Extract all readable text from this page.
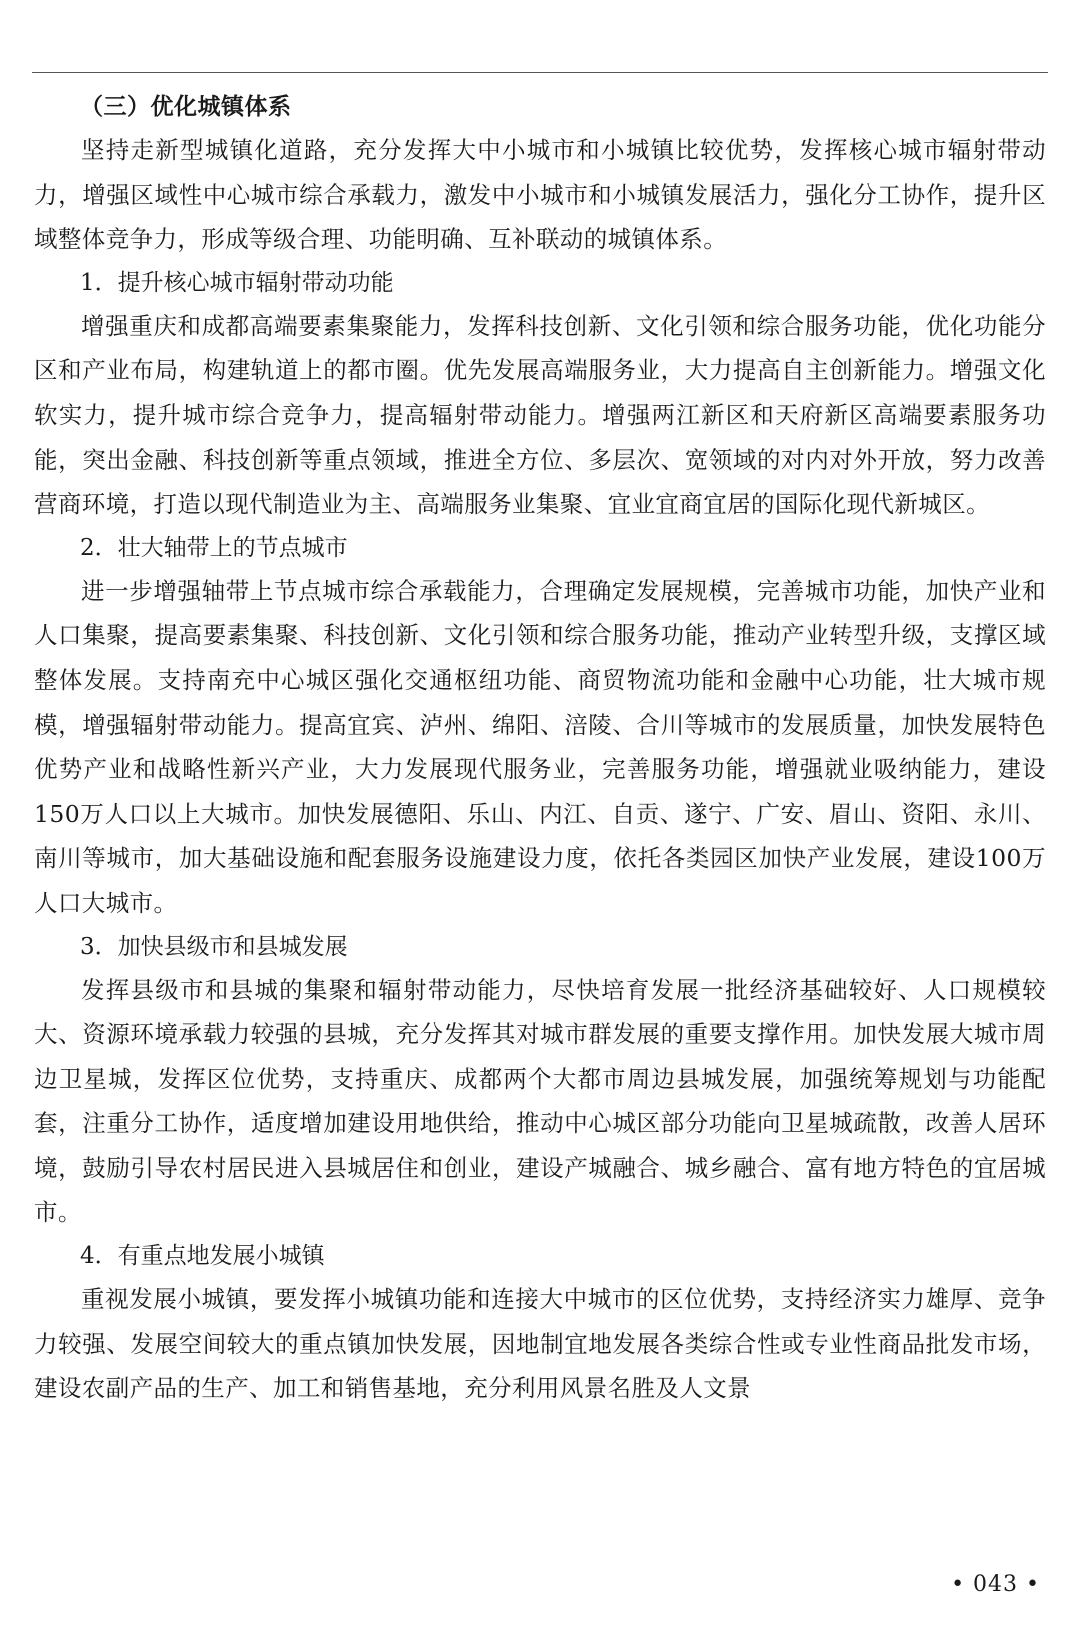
（三）优化城镇体系

坚持走新型城镇化道路，充分发挥大中小城市和小城镇比较优势，发挥核心城市辐射带动力，增强区域性中心城市综合承载力，激发中小城市和小城镇发展活力，强化分工协作，提升区域整体竞争力，形成等级合理、功能明确、互补联动的城镇体系。

1．提升核心城市辐射带动功能

增强重庆和成都高端要素集聚能力，发挥科技创新、文化引领和综合服务功能，优化功能分区和产业布局，构建轨道上的都市圈。优先发展高端服务业，大力提高自主创新能力。增强文化软实力，提升城市综合竞争力，提高辐射带动能力。增强两江新区和天府新区高端要素服务功能，突出金融、科技创新等重点领域，推进全方位、多层次、宽领域的对内对外开放，努力改善营商环境，打造以现代制造业为主、高端服务业集聚、宜业宜商宜居的国际化现代新城区。

2．壮大轴带上的节点城市

进一步增强轴带上节点城市综合承载能力，合理确定发展规模，完善城市功能，加快产业和人口集聚，提高要素集聚、科技创新、文化引领和综合服务功能，推动产业转型升级，支撑区域整体发展。支持南充中心城区强化交通枢纽功能、商贸物流功能和金融中心功能，壮大城市规模，增强辐射带动能力。提高宜宾、泸州、绵阳、涪陵、合川等城市的发展质量，加快发展特色优势产业和战略性新兴产业，大力发展现代服务业，完善服务功能，增强就业吸纳能力，建设150万人口以上大城市。加快发展德阳、乐山、内江、自贡、遂宁、广安、眉山、资阳、永川、南川等城市，加大基础设施和配套服务设施建设力度，依托各类园区加快产业发展，建设100万人口大城市。

3．加快县级市和县城发展

发挥县级市和县城的集聚和辐射带动能力，尽快培育发展一批经济基础较好、人口规模较大、资源环境承载力较强的县城，充分发挥其对城市群发展的重要支撑作用。加快发展大城市周边卫星城，发挥区位优势，支持重庆、成都两个大都市周边县城发展，加强统筹规划与功能配套，注重分工协作，适度增加建设用地供给，推动中心城区部分功能向卫星城疏散，改善人居环境，鼓励引导农村居民进入县城居住和创业，建设产城融合、城乡融合、富有地方特色的宜居城市。

4．有重点地发展小城镇

重视发展小城镇，要发挥小城镇功能和连接大中城市的区位优势，支持经济实力雄厚、竞争力较强、发展空间较大的重点镇加快发展，因地制宜地发展各类综合性或专业性商品批发市场，建设农副产品的生产、加工和销售基地，充分利用风景名胜及人文景

• 043 •
